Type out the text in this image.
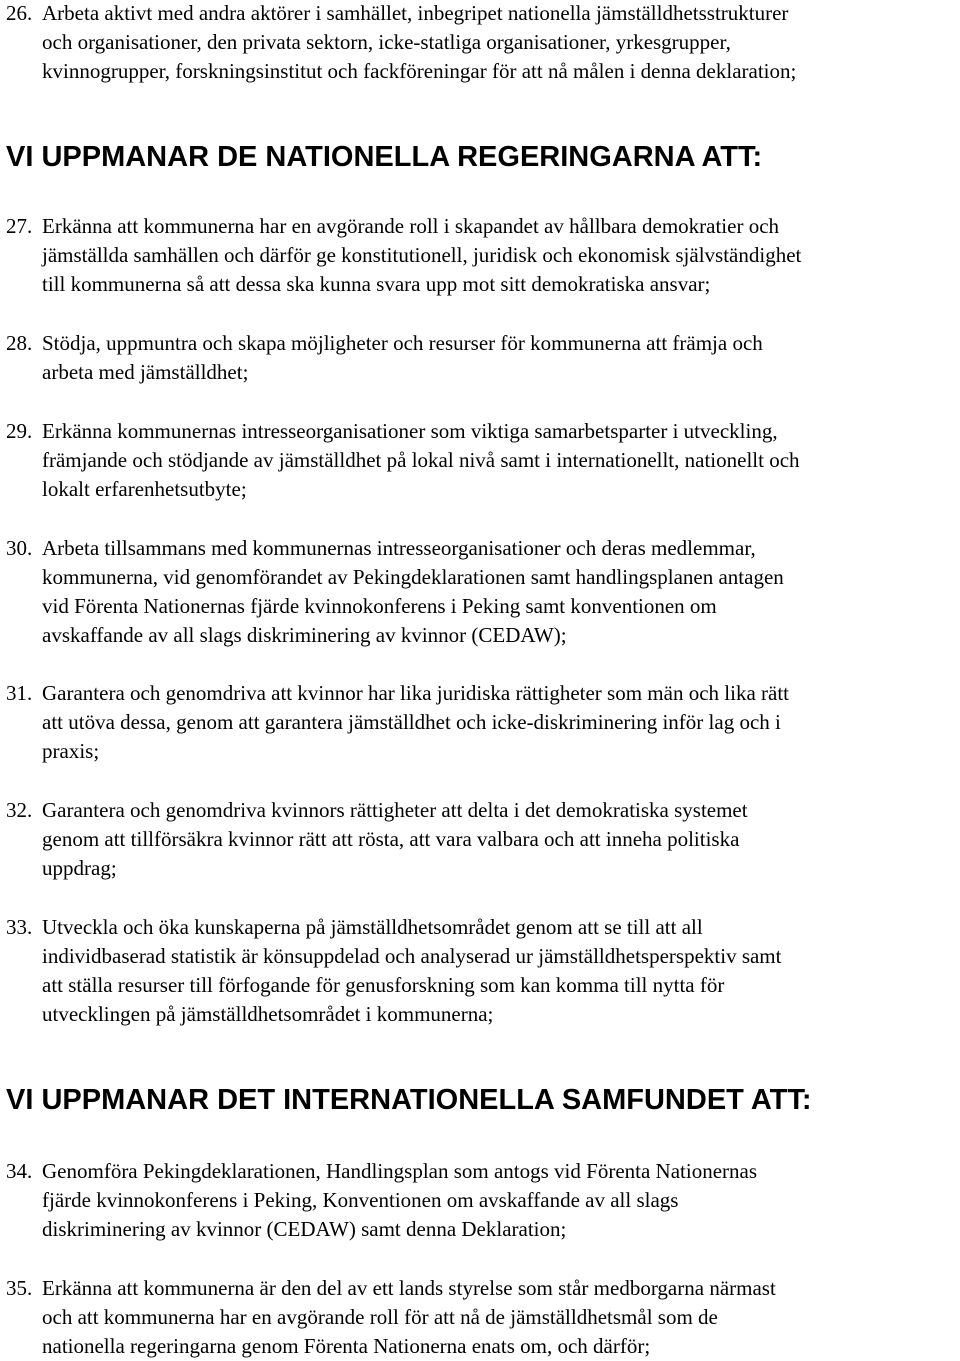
26. Arbeta aktivt med andra aktörer i samhället, inbegripet nationella jämställdhetsstrukturer
och organisationer, den privata sektorn, icke-statliga organisationer, yrkesgrupper,
kvinnogrupper, forskningsinstitut och fackföreningar för att nå målen i denna deklaration;
VI UPPMANAR DE NATIONELLA REGERINGARNA ATT:
27. Erkänna att kommunerna har en avgörande roll i skapandet av hållbara demokratier och
jämställda samhällen och därför ge konstitutionell, juridisk och ekonomisk självständighet
till kommunerna så att dessa ska kunna svara upp mot sitt demokratiska ansvar;
28. Stödja, uppmuntra och skapa möjligheter och resurser för kommunerna att främja och
arbeta med jämställdhet;
29. Erkänna kommunernas intresseorganisationer som viktiga samarbetsparter i utveckling,
främjande och stödjande av jämställdhet på lokal nivå samt i internationellt, nationellt och
lokalt erfarenhetsutbyte;
30. Arbeta tillsammans med kommunernas intresseorganisationer och deras medlemmar,
kommunerna, vid genomförandet av Pekingdeklarationen samt handlingsplanen antagen
vid Förenta Nationernas fjärde kvinnokonferens i Peking samt konventionen om
avskaffande av all slags diskriminering av kvinnor (CEDAW);
31. Garantera och genomdriva att kvinnor har lika juridiska rättigheter som män och lika rätt
att utöva dessa, genom att garantera jämställdhet och icke-diskriminering inför lag och i
praxis;
32. Garantera och genomdriva kvinnors rättigheter att delta i det demokratiska systemet
genom att tillförsäkra kvinnor rätt att rösta, att vara valbara och att inneha politiska
uppdrag;
33. Utveckla och öka kunskaperna på jämställdhetsområdet genom att se till att all
individbaserad statistik är könsuppdelad och analyserad ur jämställdhetsperspektiv samt
att ställa resurser till förfogande för genusforskning som kan komma till nytta för
utvecklingen på jämställdhetsområdet i kommunerna;
VI UPPMANAR DET INTERNATIONELLA SAMFUNDET ATT:
34. Genomföra Pekingdeklarationen, Handlingsplan som antogs vid Förenta Nationernas
fjärde kvinnokonferens i Peking, Konventionen om avskaffande av all slags
diskriminering av kvinnor (CEDAW) samt denna Deklaration;
35. Erkänna att kommunerna är den del av ett lands styrelse som står medborgarna närmast
och att kommunerna har en avgörande roll för att nå de jämställdhetsmål som de
nationella regeringarna genom Förenta Nationerna enats om, och därför;
